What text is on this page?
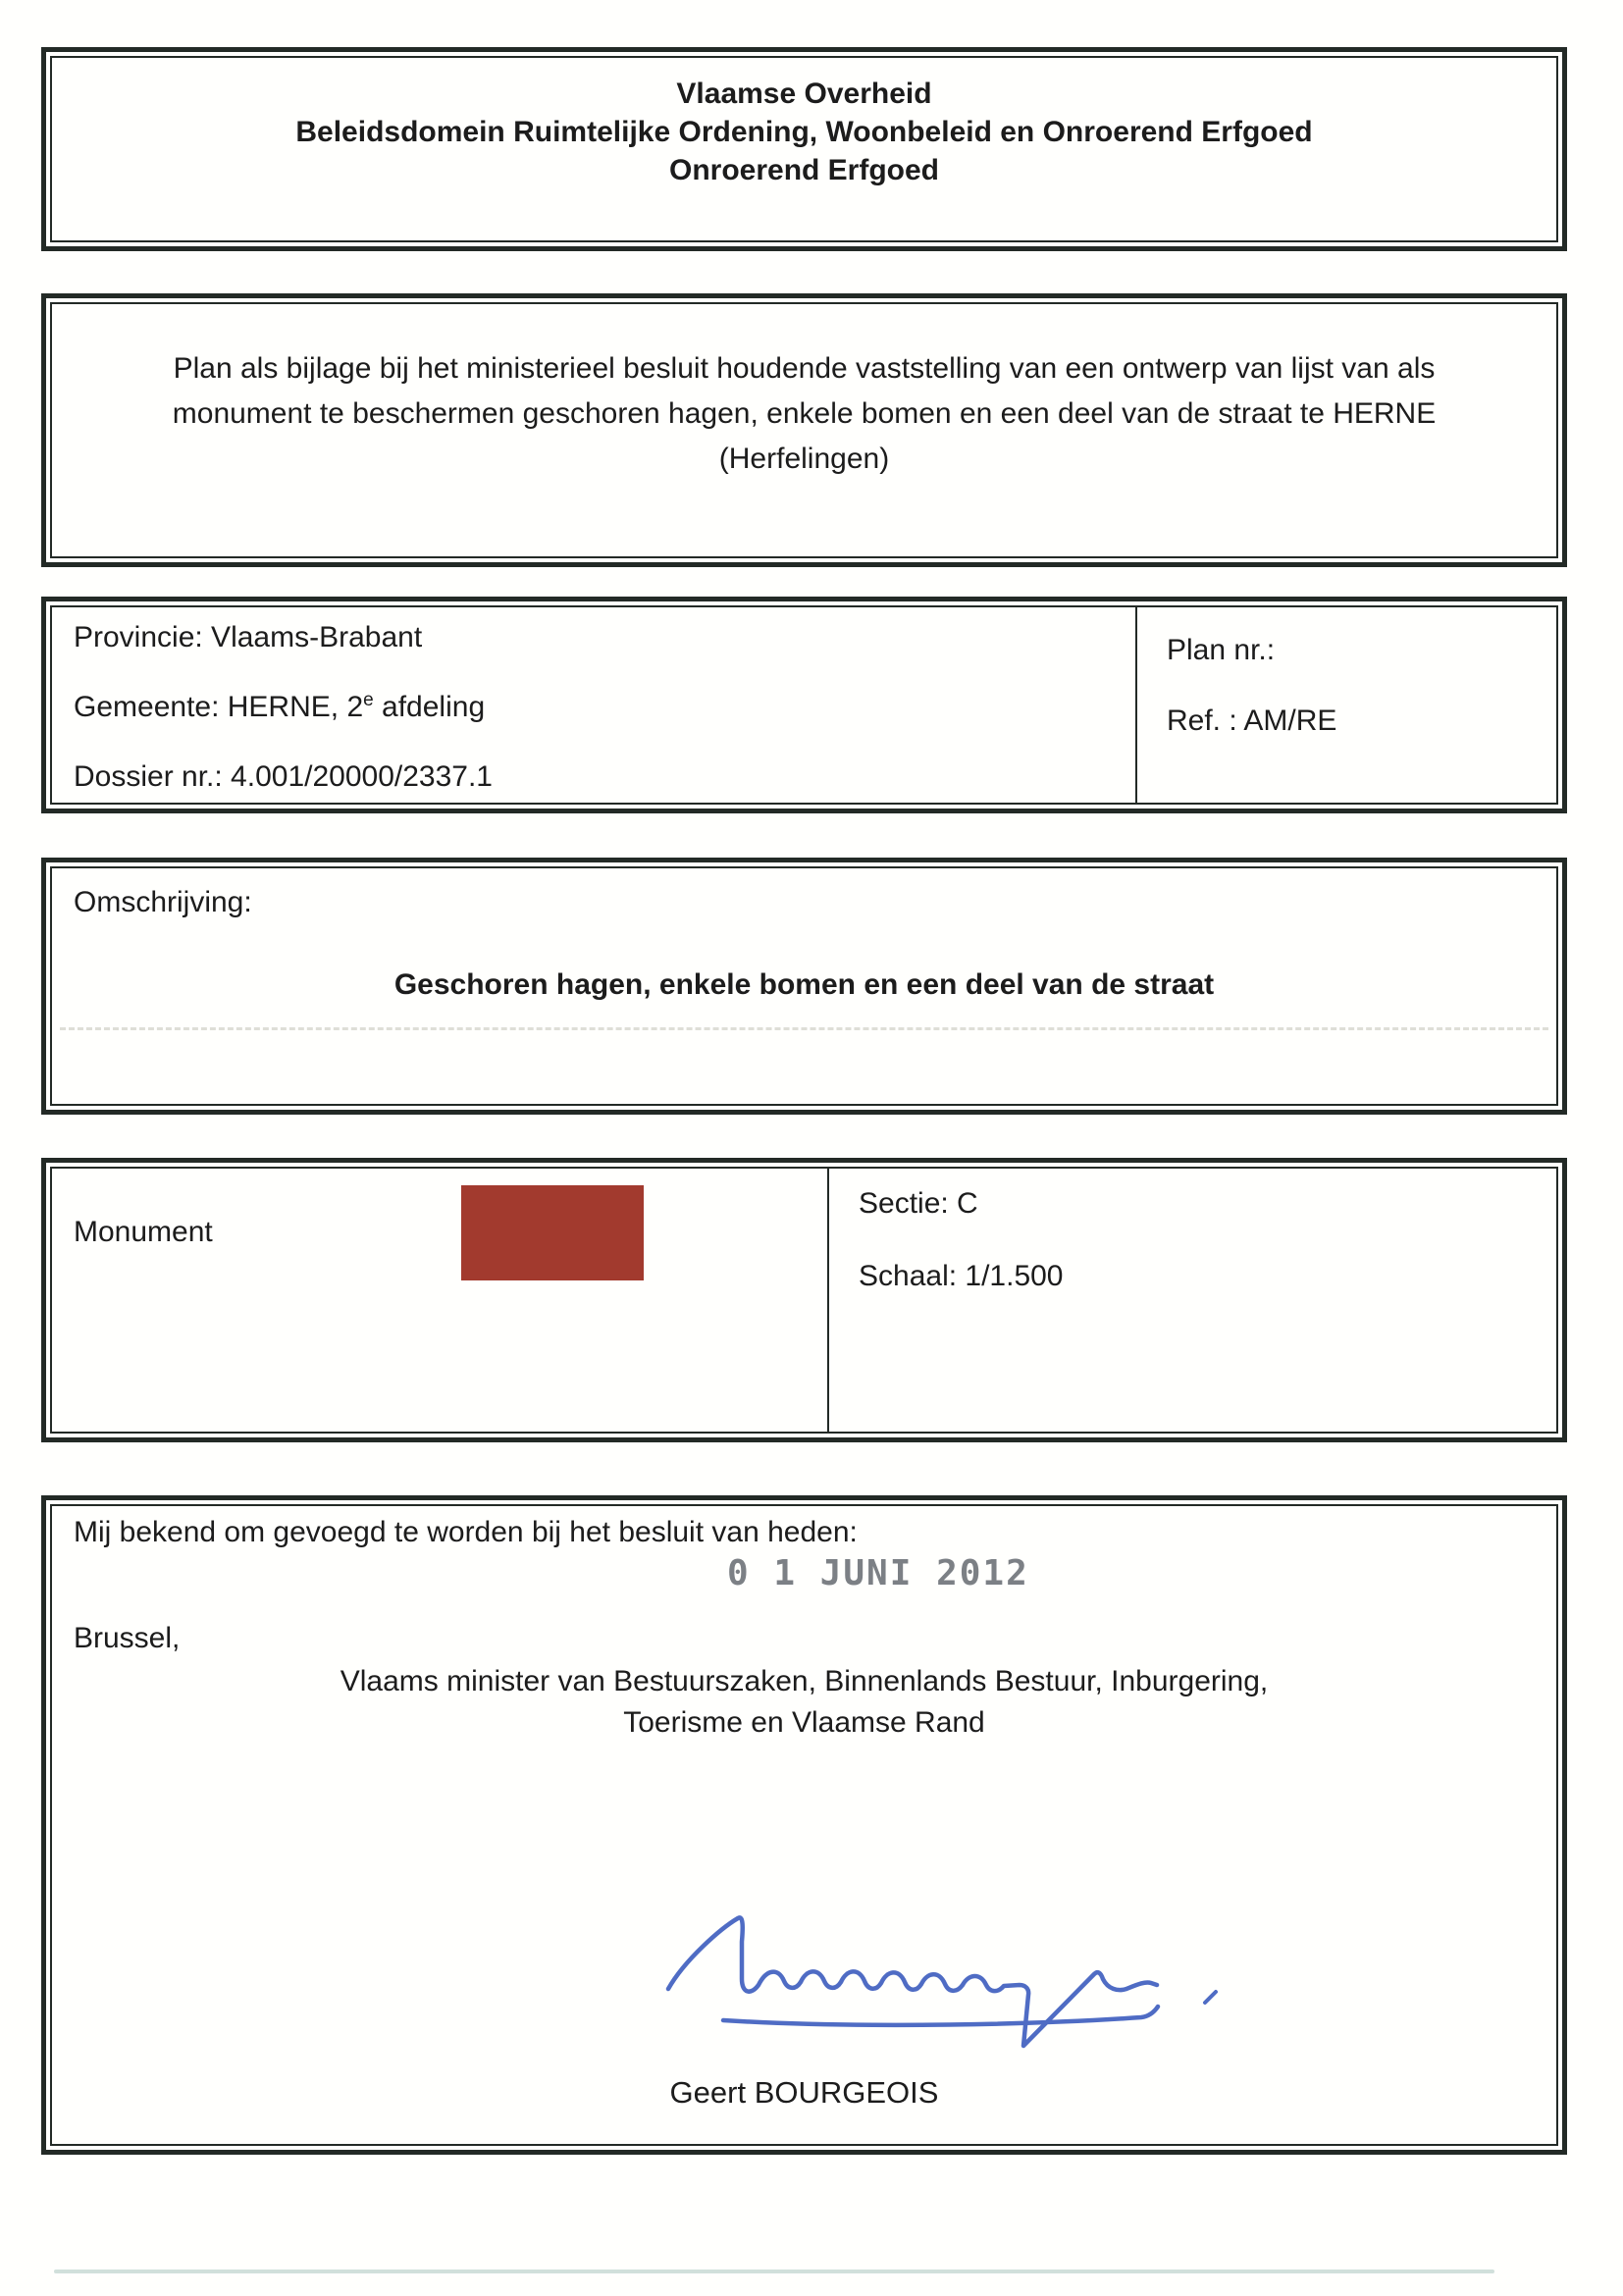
Vlaamse Overheid
Beleidsdomein Ruimtelijke Ordening, Woonbeleid en Onroerend Erfgoed
Onroerend Erfgoed
Plan als bijlage bij het ministerieel besluit houdende vaststelling van een ontwerp van lijst van als
monument te beschermen geschoren hagen, enkele bomen en een deel van de straat te HERNE
(Herfelingen)
Provincie: Vlaams-Brabant
Gemeente: HERNE, 2e afdeling
Dossier nr.: 4.001/20000/2337.1
Plan nr.:
Ref. : AM/RE
Omschrijving:
Geschoren hagen, enkele bomen en een deel van de straat
Monument
Sectie: C
Schaal: 1/1.500
Mij bekend om gevoegd te worden bij het besluit van heden:
0 1 JUNI 2012
Brussel,
Vlaams minister van Bestuurszaken, Binnenlands Bestuur, Inburgering,
Toerisme en Vlaamse Rand
Geert BOURGEOIS
